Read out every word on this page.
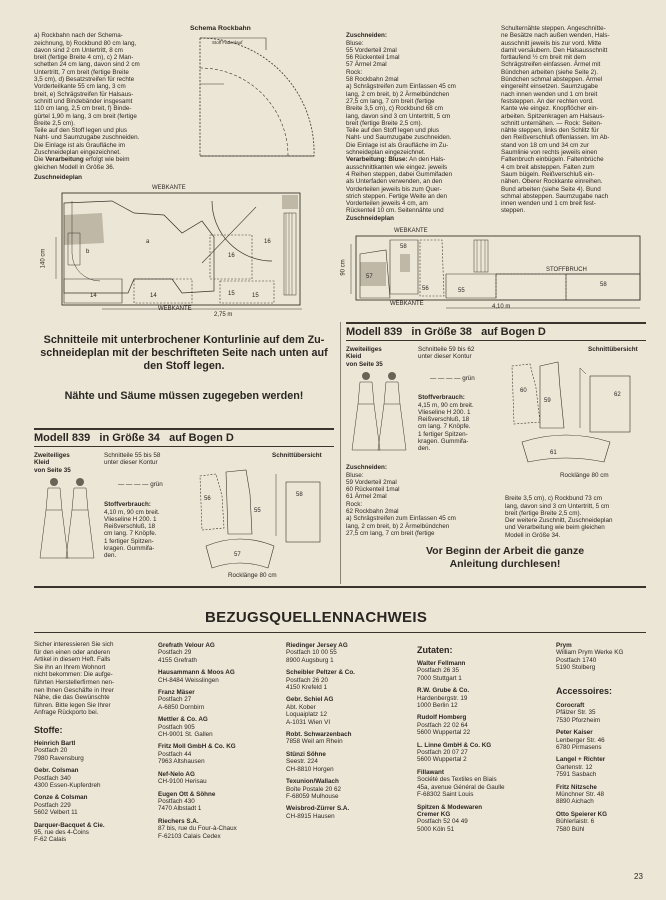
a) Rockbahn nach der Schema-
zeichnung, b) Rockbund 80 cm lang,
davon sind 2 cm Untertritt, 8 cm
breit (fertige Breite 4 cm), c) 2 Man-
schetten 24 cm lang, davon sind 2 cm
Untertritt, 7 cm breit (fertige Breite
3,5 cm), d) Besatzstreifen für rechte
Vorderteilkante 55 cm lang, 3 cm
breit, e) Schrägstreifen für Halsaus-
schnitt und Bindebänder insgesamt
110 cm lang, 2,5 cm breit, f) Binde-
gürtel 1,90 m lang, 3 cm breit (fertige
Breite 2,5 cm).
Teile auf den Stoff legen und plus
Naht- und Saumzugabe zuschneiden.
Die Einlage ist als Graufläche im
Zuschneideplan eingezeichnet.
Die Verarbeitung erfolgt wie beim
gleichen Modell in Größe 36.

Schema Rockbahn
Stoff Fadenlauf

Zuschneiden:
Bluse:
55 Vorderteil 2mal
56 Rückenteil 1mal
57 Ärmel 2mal
Rock:
58 Rockbahn 2mal
a) Schrägstreifen zum Einfassen 45 cm
lang, 2 cm breit, b) 2 Ärmelbündchen
27,5 cm lang, 7 cm breit (fertige
Breite 3,5 cm), c) Rockbund 68 cm
lang, davon sind 3 cm Untertritt, 5 cm
breit (fertige Breite 2,5 cm).
Teile auf den Stoff legen und plus
Naht- und Saumzugabe zuschneiden.
Die Einlage ist als Graufläche im Zu-
schneideplan eingezeichnet.
Verarbeitung: Bluse: An den Hals-
ausschnittkanten wie eingez. jeweils
4 Reihen steppen, dabei Gummifaden
als Unterfaden verwenden, an den
Vorderteilen jeweils bis zum Quer-
strich steppen. Fertige Weite an den
Vorderteilen jeweils 4 cm, am
Rückenteil 10 cm. Seitennähte und

Schulternähte steppen. Angeschnitte-
ne Besätze nach außen wenden, Hals-
ausschnitt jeweils bis zur vord. Mitte
damit versäubern. Den Halsausschnitt
fortlaufend ½ cm breit mit dem
Schrägstreifen einfassen. Ärmel mit
Bündchen arbeiten (siehe Seite 2).
Bündchen schmal absteppen. Ärmel
eingereiht einsetzen. Saumzugabe
nach innen wenden und 1 cm breit
feststeppen. An der rechten vord.
Kante wie eingez. Knopflöcher ein-
arbeiten. Spitzenkragen am Halsaus-
schnitt unternähen. — Rock: Seiten-
nähte steppen, links den Schlitz für
den Reißverschluß offenlassen. Im Ab-
stand von 18 cm und 34 cm zur
Saumlinie von rechts jeweils einen
Faltenbruch einbügeln. Faltenbrüche
4 cm breit absteppen. Falten zum
Saum bügeln. Reißverschluß ein-
nähen. Oberer Rockkante einreihen.
Bund arbeiten (siehe Seite 4). Bund
schmal absteppen. Saumzugabe nach
innen wenden und 1 cm breit fest-
steppen.
Zuschneideplan
WEBKANTE
WEBKANTE
140 cm
2,75 m
a	16
16
b
14	14	15	15
Zuschneideplan
WEBKANTE
STOFFBRUCH
WEBKANTE
90 cm
4,10 m
58
57
56	55
58
Schnitteile mit unterbrochener Konturlinie auf dem Zu-
schneideplan mit der beschrifteten Seite nach unten auf
den Stoff legen.
Nähte und Säume müssen zugegeben werden!
Modell 839   in Größe 38   auf Bogen D
Zweiteiliges
Kleid
von Seite 35
Schnitteile 59 bis 62
unter dieser Kontur

— — — — grün

Schnittübersicht

Stoffverbrauch:
4,15 m, 90 cm breit.
Vlieseline H 200. 1
Reißverschluß, 18
cm lang. 7 Knöpfe.
1 fertiger Spitzen-
kragen. Gummifa-
den.

Zuschneiden:
Bluse:
59 Vorderteil 2mal
60 Rückenteil 1mal
61 Ärmel 2mal
Rock:
62 Rockbahn 2mal
a) Schrägstreifen zum Einfassen 45 cm
lang, 2 cm breit, b) 2 Ärmelbündchen
27,5 cm lang, 7 cm breit (fertige

60
59
62
61
Rocklänge 80 cm

Breite 3,5 cm), c) Rockbund 73 cm
lang, davon sind 3 cm Untertritt, 5 cm
breit (fertige Breite 2,5 cm).
Der weitere Zuschnitt, Zuschneideplan
und Verarbeitung wie beim gleichen
Modell in Größe 34.

Modell 839   in Größe 34   auf Bogen D
Zweiteiliges
Kleid
von Seite 35
Schnitteile 55 bis 58
unter dieser Kontur

— — — — grün

Schnittübersicht

Stoffverbrauch:
4,10 m, 90 cm breit.
Vlieseline H 200. 1
Reißverschluß, 18
cm lang. 7 Knöpfe.
1 fertiger Spitzen-
kragen. Gummifa-
den.

56
55
58
57
Rocklänge 80 cm
Vor Beginn der Arbeit die ganze
Anleitung durchlesen!
BEZUGSQUELLENNACHWEIS
Sicher interessieren Sie sich
für den einen oder anderen
Artikel in diesem Heft. Falls
Sie ihn an Ihrem Wohnort
nicht bekommen: Die aufge-
führten Herstellerfirmen nen-
nen Ihnen Geschäfte in Ihrer
Nähe, die das Gewünschte
führen. Bitte legen Sie Ihrer
Anfrage Rückporto bei.
Stoffe:
Heinrich Bartl
Postfach 20
7980 Ravensburg
Gebr. Colsman
Postfach 340
4300 Essen-Kupferdreh
Conze & Colsman
Postfach 229
5602 Velbert 11
Darquer-Bacquet & Cie.
95, rue des 4-Coins
F-62 Calais
Grefrath Velour AG
Postfach 29
4155 Grefrath
Hausammann & Moos AG
CH-8484 Weisslingen
Franz Mäser
Postfach 27
A-6850 Dornbirn
Mettler & Co. AG
Postfach 905
CH-9001 St. Gallen
Fritz Moll GmbH & Co. KG
Postfach 44
7963 Altshausen
Nef-Nelo AG
CH-9100 Herisau
Eugen Ott & Söhne
Postfach 430
7470 Albstadt 1
Riechers S.A.
87 bis, rue du Four-à-Chaux
F-62103 Calais Cedex
Riedinger Jersey AG
Postfach 10 00 55
8900 Augsburg 1
Scheibler Peltzer & Co.
Postfach 26 20
4150 Krefeld 1
Gebr. Schiel AG
Abt. Kober
Loquaiplatz 12
A-1031 Wien VI
Robt. Schwarzenbach
7858 Weil am Rhein
Stünzi Söhne
Seestr. 224
CH-8810 Horgen
Texunion/Wallach
Boîte Postale 20 62
F-68059 Mulhouse
Weisbrod-Zürrer S.A.
CH-8915 Hausen
Zutaten:
Walter Fellmann
Postfach 26 35
7000 Stuttgart 1
R.W. Grube & Co.
Hardenbergstr. 19
1000 Berlin 12
Rudolf Homberg
Postfach 22 02 64
5600 Wuppertal 22
L. Linne GmbH & Co. KG
Postfach 20 07 27
5600 Wuppertal 2
Fillawant
Société des Textiles en Biais
45a, avenue Général de Gaulle
F-68302 Saint Louis
Spitzen & Modewaren
Cremer KG
Postfach 52 04 49
5000 Köln 51
Prym
William Prym Werke KG
Postfach 1740
5190 Stolberg
Accessoires:
Corocraft
Pfälzer Str. 35
7530 Pforzheim
Peter Kaiser
Lenberger Str. 46
6780 Pirmasens
Langel + Richter
Gartenstr. 12
7591 Sasbach
Fritz Nitzsche
Münchner Str. 48
8890 Aichach
Otto Speierer KG
Bühlerlaistr. 6
7580 Bühl
23
